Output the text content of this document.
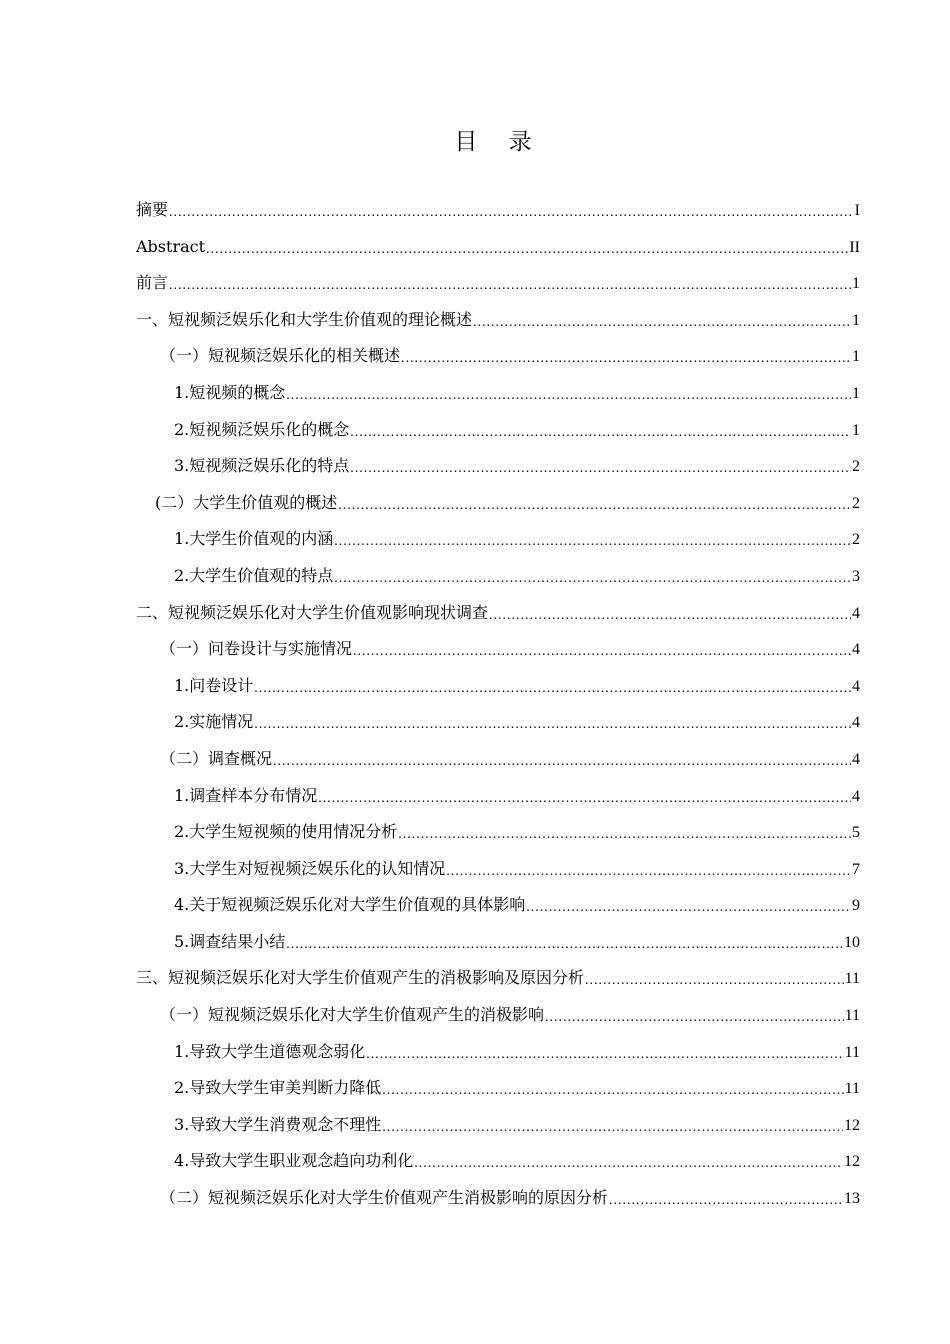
目 录
摘要 .....	I
Abstract .....	II
前言 .....	1
一、短视频泛娱乐化和大学生价值观的理论概述 .....	1
（一）短视频泛娱乐化的相关概述 .....	1
1.短视频的概念 .....	1
2.短视频泛娱乐化的概念 .....	1
3.短视频泛娱乐化的特点 .....	2
(二）大学生价值观的概述 .....	2
1.大学生价值观的内涵 .....	2
2.大学生价值观的特点 .....	3
二、短视频泛娱乐化对大学生价值观影响现状调查 .....	4
（一）问卷设计与实施情况 .....	4
1.问卷设计 .....	4
2.实施情况 .....	4
（二）调查概况 .....	4
1.调查样本分布情况 .....	4
2.大学生短视频的使用情况分析 .....	5
3.大学生对短视频泛娱乐化的认知情况 .....	7
4.关于短视频泛娱乐化对大学生价值观的具体影响 .....	9
5.调查结果小结 .....	10
三、短视频泛娱乐化对大学生价值观产生的消极影响及原因分析 .....	11
（一）短视频泛娱乐化对大学生价值观产生的消极影响 .....	11
1.导致大学生道德观念弱化 .....	11
2.导致大学生审美判断力降低 .....	11
3.导致大学生消费观念不理性 .....	12
4.导致大学生职业观念趋向功利化 .....	12
（二）短视频泛娱乐化对大学生价值观产生消极影响的原因分析 .....	13
